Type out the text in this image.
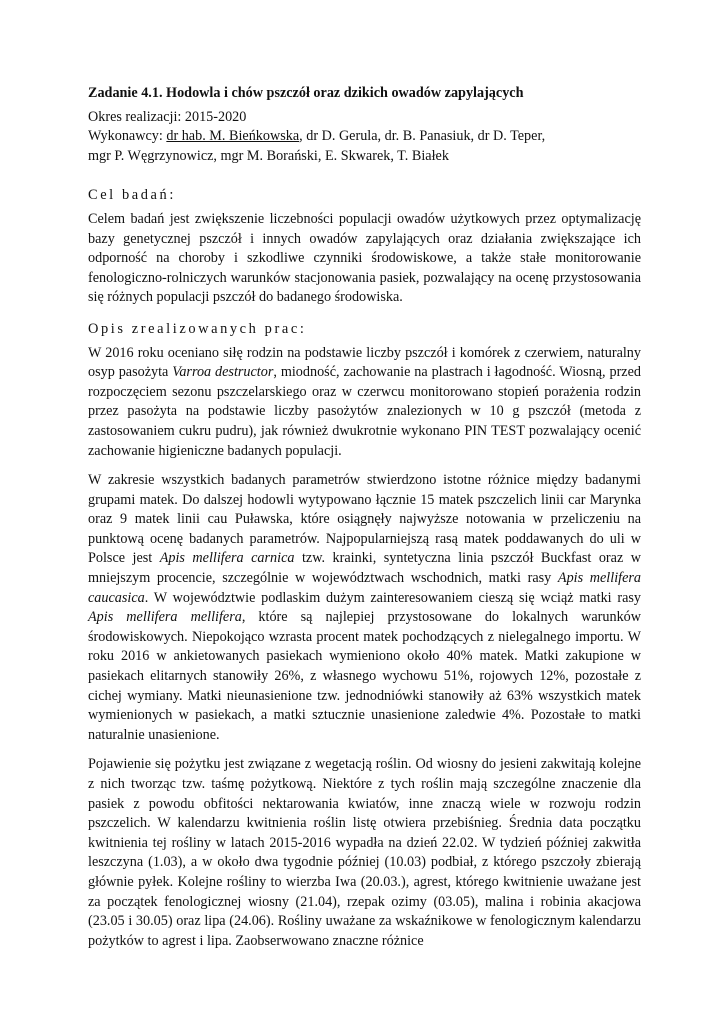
Zadanie 4.1. Hodowla i chów pszczół oraz dzikich owadów zapylających
Okres realizacji: 2015-2020
Wykonawcy: dr hab. M. Bieńkowska, dr D. Gerula, dr. B. Panasiuk, dr D. Teper,
mgr P. Węgrzynowicz, mgr M. Borański, E. Skwarek, T. Białek
Cel badań:

Celem badań jest zwiększenie liczebności populacji owadów użytkowych przez optymalizację bazy genetycznej pszczół i innych owadów zapylających oraz działania zwiększające ich odporność na choroby i szkodliwe czynniki środowiskowe, a także stałe monitorowanie fenologiczno-rolniczych warunków stacjonowania pasiek, pozwalający na ocenę przystosowania się różnych populacji pszczół do badanego środowiska.

Opis zrealizowanych prac:

W 2016 roku oceniano siłę rodzin na podstawie liczby pszczół i komórek z czerwiem, naturalny osyp pasożyta Varroa destructor, miodność, zachowanie na plastrach i łagodność. Wiosną, przed rozpoczęciem sezonu pszczelarskiego oraz w czerwcu monitorowano stopień porażenia rodzin przez pasożyta na podstawie liczby pasożytów znalezionych w 10 g pszczół (metoda z zastosowaniem cukru pudru), jak również dwukrotnie wykonano PIN TEST pozwalający ocenić zachowanie higieniczne badanych populacji.

W zakresie wszystkich badanych parametrów stwierdzono istotne różnice między badanymi grupami matek. Do dalszej hodowli wytypowano łącznie 15 matek pszczelich linii car Marynka oraz 9 matek linii cau Puławska, które osiągnęły najwyższe notowania w przeliczeniu na punktową ocenę badanych parametrów. Najpopularniejszą rasą matek poddawanych do uli w Polsce jest Apis mellifera carnica tzw. krainki, syntetyczna linia pszczół Buckfast oraz w mniejszym procencie, szczególnie w województwach wschodnich, matki rasy Apis mellifera caucasica. W województwie podlaskim dużym zainteresowaniem cieszą się wciąż matki rasy Apis mellifera mellifera, które są najlepiej przystosowane do lokalnych warunków środowiskowych. Niepokojąco wzrasta procent matek pochodzących z nielegalnego importu. W roku 2016 w ankietowanych pasiekach wymieniono około 40% matek. Matki zakupione w pasiekach elitarnych stanowiły 26%, z własnego wychowu 51%, rojowych 12%, pozostałe z cichej wymiany. Matki nieunasienione tzw. jednodniówki stanowiły aż 63% wszystkich matek wymienionych w pasiekach, a matki sztucznie unasienione zaledwie 4%. Pozostałe to matki naturalnie unasienione.

Pojawienie się pożytku jest związane z wegetacją roślin. Od wiosny do jesieni zakwitają kolejne z nich tworząc tzw. taśmę pożytkową. Niektóre z tych roślin mają szczególne znaczenie dla pasiek z powodu obfitości nektarowania kwiatów, inne znaczą wiele w rozwoju rodzin pszczelich. W kalendarzu kwitnienia roślin listę otwiera przebiśnieg. Średnia data początku kwitnienia tej rośliny w latach 2015-2016 wypadła na dzień 22.02. W tydzień później zakwitła leszczyna (1.03), a w około dwa tygodnie później (10.03) podbiał, z którego pszczoły zbierają głównie pyłek. Kolejne rośliny to wierzba Iwa (20.03.), agrest, którego kwitnienie uważane jest za początek fenologicznej wiosny (21.04), rzepak ozimy (03.05), malina i robinia akacjowa (23.05 i 30.05) oraz lipa (24.06). Rośliny uważane za wskaźnikowe w fenologicznym kalendarzu pożytków to agrest i lipa. Zaobserwowano znaczne różnice
